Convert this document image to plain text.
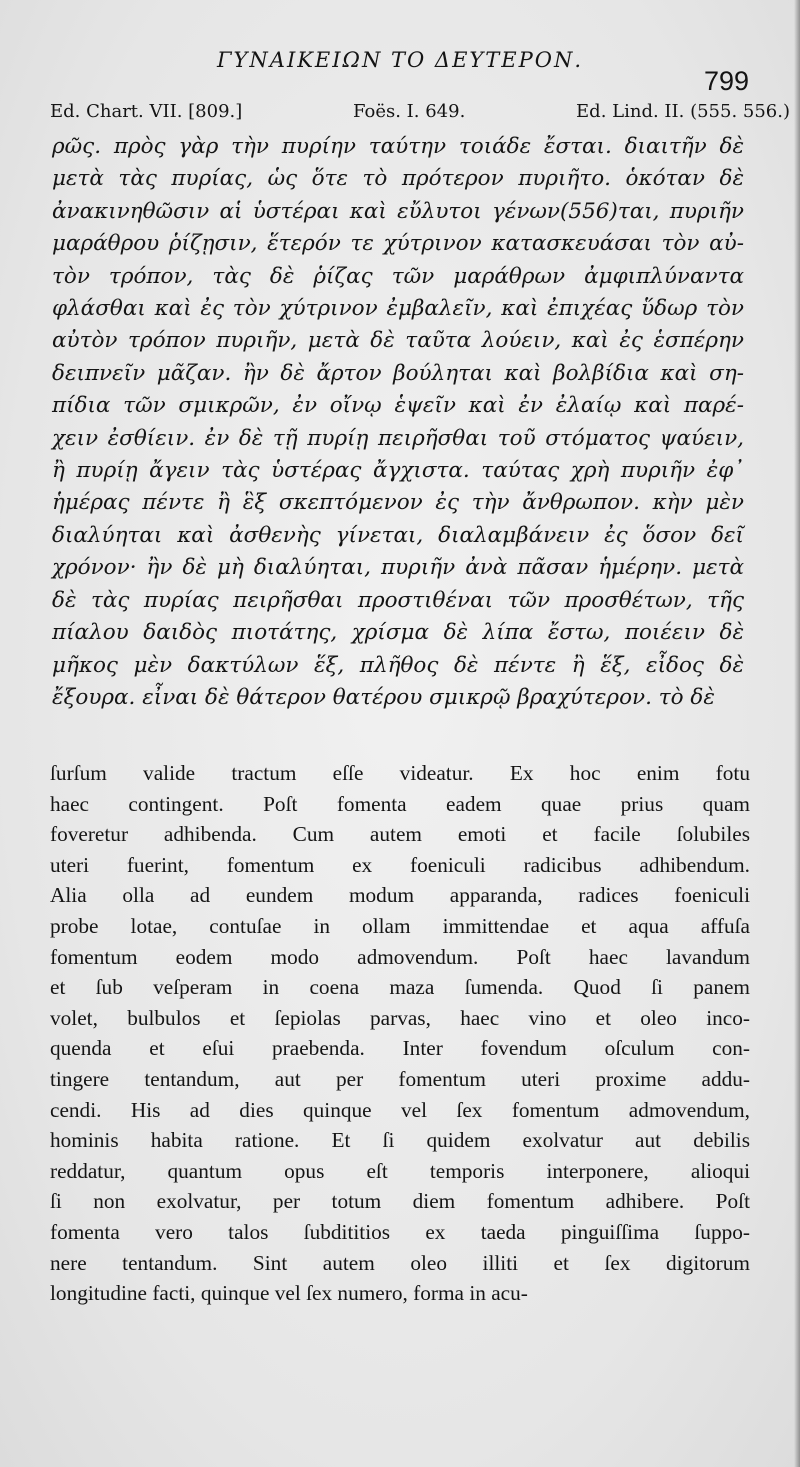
ΓΥΝΑΙΚΕΙΩΝ ΤΟ ΔΕΥΤΕΡΟΝ.
799
Ed. Chart. VII. [809.]	Foës. I. 649.	Ed. Lind. II. (555. 556.)
ρῶς. πρὸς γὰρ τὴν πυρίην ταύτην τοιάδε ἔσται. διαιτῆν δὲ
μετὰ τὰς πυρίας, ὡς ὅτε τὸ πρότερον πυριῆτο. ὁκόταν δὲ
ἀνακινηθῶσιν αἱ ὑστέραι καὶ εὔλυτοι γένων(556)ται, πυριῆν
μαράθρου ῥίζῃσιν, ἕτερόν τε χύτρινον κατασκευάσαι τὸν αὐ-
τὸν τρόπον, τὰς δὲ ῥίζας τῶν μαράθρων ἀμφιπλύναντα
φλάσθαι καὶ ἐς τὸν χύτρινον ἐμβαλεῖν, καὶ ἐπιχέας ὕδωρ τὸν
αὐτὸν τρόπον πυριῆν, μετὰ δὲ ταῦτα λούειν, καὶ ἐς ἑσπέρην
δειπνεῖν μᾶζαν. ἢν δὲ ἄρτον βούληται καὶ βολβίδια καὶ ση-
πίδια τῶν σμικρῶν, ἐν οἴνῳ ἑψεῖν καὶ ἐν ἐλαίῳ καὶ παρέ-
χειν ἐσθίειν. ἐν δὲ τῇ πυρίῃ πειρῆσθαι τοῦ στόματος ψαύειν,
ἢ πυρίῃ ἄγειν τὰς ὑστέρας ἄγχιστα. ταύτας χρὴ πυριῆν ἐφ᾽
ἡμέρας πέντε ἢ ἓξ σκεπτόμενον ἐς τὴν ἄνθρωπον. κὴν μὲν
διαλύηται καὶ ἀσθενὴς γίνεται, διαλαμβάνειν ἐς ὅσον δεῖ
χρόνον· ἢν δὲ μὴ διαλύηται, πυριῆν ἀνὰ πᾶσαν ἡμέρην. μετὰ
δὲ τὰς πυρίας πειρῆσθαι προστιθέναι τῶν προσθέτων, τῆς
πίαλου δαιδὸς πιοτάτης, χρίσμα δὲ λίπα ἔστω, ποιέειν δὲ
μῆκος μὲν δακτύλων ἕξ, πλῆθος δὲ πέντε ἢ ἕξ, εἶδος δὲ
ἔξουρα. εἶναι δὲ θάτερον θατέρου σμικρῷ βραχύτερον. τὸ δὲ
ſurſum valide tractum eſſe videatur. Ex hoc enim fotu
haec contingent. Poſt fomenta eadem quae prius quam
foveretur adhibenda. Cum autem emoti et facile ſolubiles
uteri fuerint, fomentum ex foeniculi radicibus adhibendum.
Alia olla ad eundem modum apparanda, radices foeniculi
probe lotae, contuſae in ollam immittendae et aqua affuſa
fomentum eodem modo admovendum. Poſt haec lavandum
et ſub veſperam in coena maza ſumenda. Quod ſi panem
volet, bulbulos et ſepiolas parvas, haec vino et oleo inco-
quenda et eſui praebenda. Inter fovendum oſculum con-
tingere tentandum, aut per fomentum uteri proxime addu-
cendi. His ad dies quinque vel ſex fomentum admovendum,
hominis habita ratione. Et ſi quidem exolvatur aut debilis
reddatur, quantum opus eſt temporis interponere, alioqui
ſi non exolvatur, per totum diem fomentum adhibere. Poſt
fomenta vero talos ſubdititios ex taeda pinguiſſima ſuppo-
nere tentandum. Sint autem oleo illiti et ſex digitorum
longitudine facti, quinque vel ſex numero, forma in acu-
